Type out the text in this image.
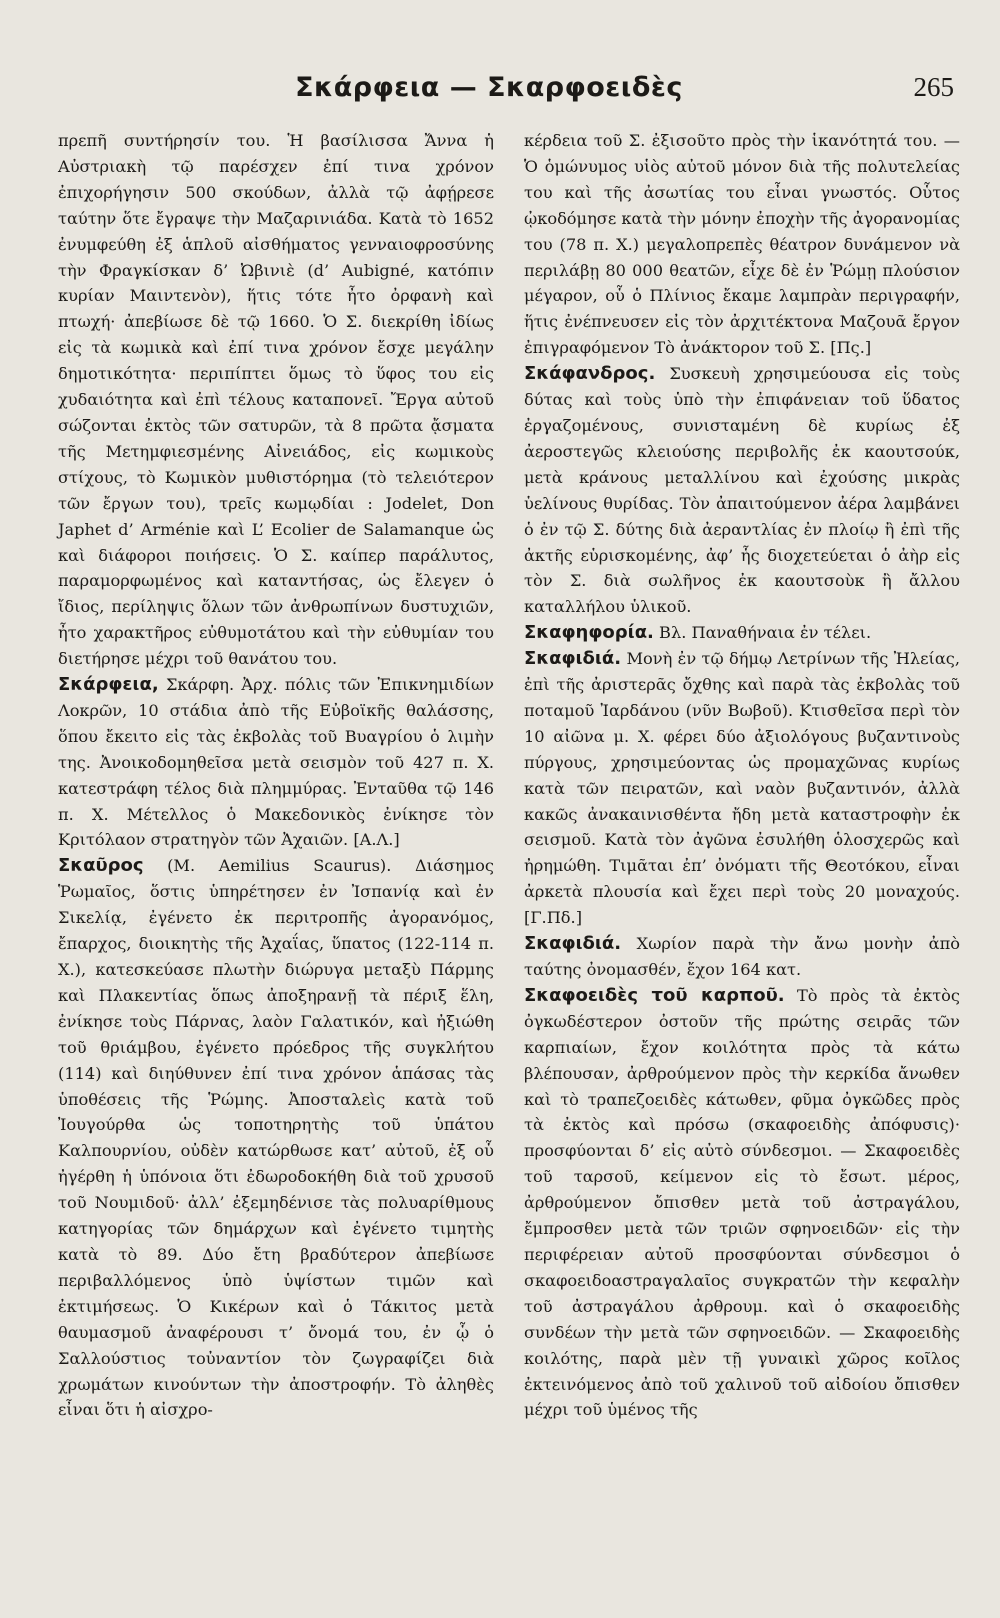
Σκάρφεια — Σκαρφοειδὲς	265

πρεπῆ συντήρησίν του. Ἡ βασίλισσα Ἄννα ἡ Αὐστριακὴ τῷ παρέσχεν ἐπί τινα χρόνον ἐπιχορήγησιν 500 σκούδων, ἀλλὰ τῷ ἀφῄρεσε ταύτην ὅτε ἔγραψε τὴν Μαζαρινιάδα. Κατὰ τὸ 1652 ἐνυμφεύθη ἐξ ἁπλοῦ αἰσθήματος γενναιοφροσύνης τὴν Φραγκίσκαν δ’ Ὠβινιὲ (d’ Aubigné, κατόπιν κυρίαν Μαιντενὸν), ἥτις τότε ἦτο ὀρφανὴ καὶ πτωχή· ἀπεβίωσε δὲ τῷ 1660. Ὁ Σ. διεκρίθη ἰδίως εἰς τὰ κωμικὰ καὶ ἐπί τινα χρόνον ἔσχε μεγάλην δημοτικότητα· περιπίπτει ὅμως τὸ ὕφος του εἰς χυδαιότητα καὶ ἐπὶ τέλους καταπονεῖ. Ἔργα αὐτοῦ σώζονται ἐκτὸς τῶν σατυρῶν, τὰ 8 πρῶτα ᾄσματα τῆς Μετημφιεσμένης Αἰνειάδος, εἰς κωμικοὺς στίχους, τὸ Κωμικὸν μυθιστόρημα (τὸ τελειότερον τῶν ἔργων του), τρεῖς κωμῳδίαι : Jodelet, Don Japhet d’ Arménie καὶ L’ Ecolier de Salamanque ὡς καὶ διάφοροι ποιήσεις. Ὁ Σ. καίπερ παράλυτος, παραμορφωμένος καὶ καταντήσας, ὡς ἔλεγεν ὁ ἴδιος, περίληψις ὅλων τῶν ἀνθρωπίνων δυστυχιῶν, ἦτο χαρακτῆρος εὐθυμοτάτου καὶ τὴν εὐθυμίαν του διετήρησε μέχρι τοῦ θανάτου του.

Σκάρφεια, Σκάρφη. Ἀρχ. πόλις τῶν Ἐπικνημιδίων Λοκρῶν, 10 στάδια ἀπὸ τῆς Εὐβοϊκῆς θαλάσσης, ὅπου ἔκειτο εἰς τὰς ἐκβολὰς τοῦ Βυαγρίου ὁ λιμὴν της. Ἀνοικοδομηθεῖσα μετὰ σεισμὸν τοῦ 427 π. Χ. κατεστράφη τέλος διὰ πλημμύρας. Ἐνταῦθα τῷ 146 π. Χ. Μέτελλος ὁ Μακεδονικὸς ἐνίκησε τὸν Κριτόλαον στρατηγὸν τῶν Ἀχαιῶν. [Α.Λ.]

Σκαῦρος (M. Aemilius Scaurus). Διάσημος Ῥωμαῖος, ὅστις ὑπηρέτησεν ἐν Ἰσπανίᾳ καὶ ἐν Σικελίᾳ, ἐγένετο ἐκ περιτροπῆς ἀγορανόμος, ἔπαρχος, διοικητὴς τῆς Ἀχαΐας, ὕπατος (122-114 π. Χ.), κατεσκεύασε πλωτὴν διώρυγα μεταξὺ Πάρμης καὶ Πλακεντίας ὅπως ἀποξηρανῇ τὰ πέριξ ἕλη, ἐνίκησε τοὺς Πάρνας, λαὸν Γαλατικόν, καὶ ἠξιώθη τοῦ θριάμβου, ἐγένετο πρόεδρος τῆς συγκλήτου (114) καὶ διηύθυνεν ἐπί τινα χρόνον ἁπάσας τὰς ὑποθέσεις τῆς Ῥώμης. Ἀποσταλεὶς κατὰ τοῦ Ἰουγούρθα ὡς τοποτηρητὴς τοῦ ὑπάτου Καλπουρνίου, οὐδὲν κατώρθωσε κατ’ αὐτοῦ, ἐξ οὗ ἠγέρθη ἡ ὑπόνοια ὅτι ἐδωροδοκήθη διὰ τοῦ χρυσοῦ τοῦ Νουμιδοῦ· ἀλλ’ ἐξεμηδένισε τὰς πολυαρίθμους κατηγορίας τῶν δημάρχων καὶ ἐγένετο τιμητὴς κατὰ τὸ 89. Δύο ἔτη βραδύτερον ἀπεβίωσε περιβαλλόμενος ὑπὸ ὑψίστων τιμῶν καὶ ἐκτιμήσεως. Ὁ Κικέρων καὶ ὁ Τάκιτος μετὰ θαυμασμοῦ ἀναφέρουσι τ’ ὄνομά του, ἐν ᾧ ὁ Σαλλούστιος τοὐναντίον τὸν ζωγραφίζει διὰ χρωμάτων κινούντων τὴν ἀποστροφήν. Τὸ ἀληθὲς εἶναι ὅτι ἡ αἰσχρο-

κέρδεια τοῦ Σ. ἐξισοῦτο πρὸς τὴν ἱκανότητά του. — Ὁ ὁμώνυμος υἱὸς αὐτοῦ μόνον διὰ τῆς πολυτελείας του καὶ τῆς ἀσωτίας του εἶναι γνωστός. Οὗτος ᾠκοδόμησε κατὰ τὴν μόνην ἐποχὴν τῆς ἀγορανομίας του (78 π. Χ.) μεγαλοπρεπὲς θέατρον δυνάμενον νὰ περιλάβῃ 80 000 θεατῶν, εἶχε δὲ ἐν Ῥώμῃ πλούσιον μέγαρον, οὗ ὁ Πλίνιος ἔκαμε λαμπρὰν περιγραφήν, ἥτις ἐνέπνευσεν εἰς τὸν ἀρχιτέκτονα Μαζουᾶ ἔργον ἐπιγραφόμενον Τὸ ἀνάκτορον τοῦ Σ. [Πς.]

Σκάφανδρος. Συσκευὴ χρησιμεύουσα εἰς τοὺς δύτας καὶ τοὺς ὑπὸ τὴν ἐπιφάνειαν τοῦ ὕδατος ἐργαζομένους, συνισταμένη δὲ κυρίως ἐξ ἀεροστεγῶς κλειούσης περιβολῆς ἐκ καουτσούκ, μετὰ κράνους μεταλλίνου καὶ ἐχούσης μικρὰς ὑελίνους θυρίδας. Τὸν ἀπαιτούμενον ἀέρα λαμβάνει ὁ ἐν τῷ Σ. δύτης διὰ ἀεραντλίας ἐν πλοίῳ ἢ ἐπὶ τῆς ἀκτῆς εὑρισκομένης, ἀφ’ ἧς διοχετεύεται ὁ ἀὴρ εἰς τὸν Σ. διὰ σωλῆνος ἐκ καουτσοὺκ ἢ ἄλλου καταλλήλου ὑλικοῦ.

Σκαφηφορία. Βλ. Παναθήναια ἐν τέλει.

Σκαφιδιά. Μονὴ ἐν τῷ δήμῳ Λετρίνων τῆς Ἠλείας, ἐπὶ τῆς ἀριστερᾶς ὄχθης καὶ παρὰ τὰς ἐκβολὰς τοῦ ποταμοῦ Ἰαρδάνου (νῦν Βωβοῦ). Κτισθεῖσα περὶ τὸν 10 αἰῶνα μ. Χ. φέρει δύο ἀξιολόγους βυζαντινοὺς πύργους, χρησιμεύοντας ὡς προμαχῶνας κυρίως κατὰ τῶν πειρατῶν, καὶ ναὸν βυζαντινόν, ἀλλὰ κακῶς ἀνακαινισθέντα ἤδη μετὰ καταστροφὴν ἐκ σεισμοῦ. Κατὰ τὸν ἀγῶνα ἐσυλήθη ὁλοσχερῶς καὶ ἠρημώθη. Τιμᾶται ἐπ’ ὀνόματι τῆς Θεοτόκου, εἶναι ἀρκετὰ πλουσία καὶ ἔχει περὶ τοὺς 20 μοναχούς. [Γ.Πδ.]

Σκαφιδιά. Χωρίον παρὰ τὴν ἄνω μονὴν ἀπὸ ταύτης ὀνομασθέν, ἔχον 164 κατ.

Σκαφοειδὲς τοῦ καρποῦ. Τὸ πρὸς τὰ ἐκτὸς ὀγκωδέστερον ὀστοῦν τῆς πρώτης σειρᾶς τῶν καρπιαίων, ἔχον κοιλότητα πρὸς τὰ κάτω βλέπουσαν, ἀρθρούμενον πρὸς τὴν κερκίδα ἄνωθεν καὶ τὸ τραπεζοειδὲς κάτωθεν, φῦμα ὀγκῶδες πρὸς τὰ ἐκτὸς καὶ πρόσω (σκαφοειδὴς ἀπόφυσις)· προσφύονται δ’ εἰς αὐτὸ σύνδεσμοι. — Σκαφοειδὲς τοῦ ταρσοῦ, κείμενον εἰς τὸ ἔσωτ. μέρος, ἀρθρούμενον ὄπισθεν μετὰ τοῦ ἀστραγάλου, ἔμπροσθεν μετὰ τῶν τριῶν σφηνοειδῶν· εἰς τὴν περιφέρειαν αὐτοῦ προσφύονται σύνδεσμοι ὁ σκαφοειδοαστραγαλαῖος συγκρατῶν τὴν κεφαλὴν τοῦ ἀστραγάλου ἀρθρουμ. καὶ ὁ σκαφοειδὴς συνδέων τὴν μετὰ τῶν σφηνοειδῶν. — Σκαφοειδὴς κοιλότης, παρὰ μὲν τῇ γυναικὶ χῶρος κοῖλος ἐκτεινόμενος ἀπὸ τοῦ χαλινοῦ τοῦ αἰδοίου ὄπισθεν μέχρι τοῦ ὑμένος τῆς
